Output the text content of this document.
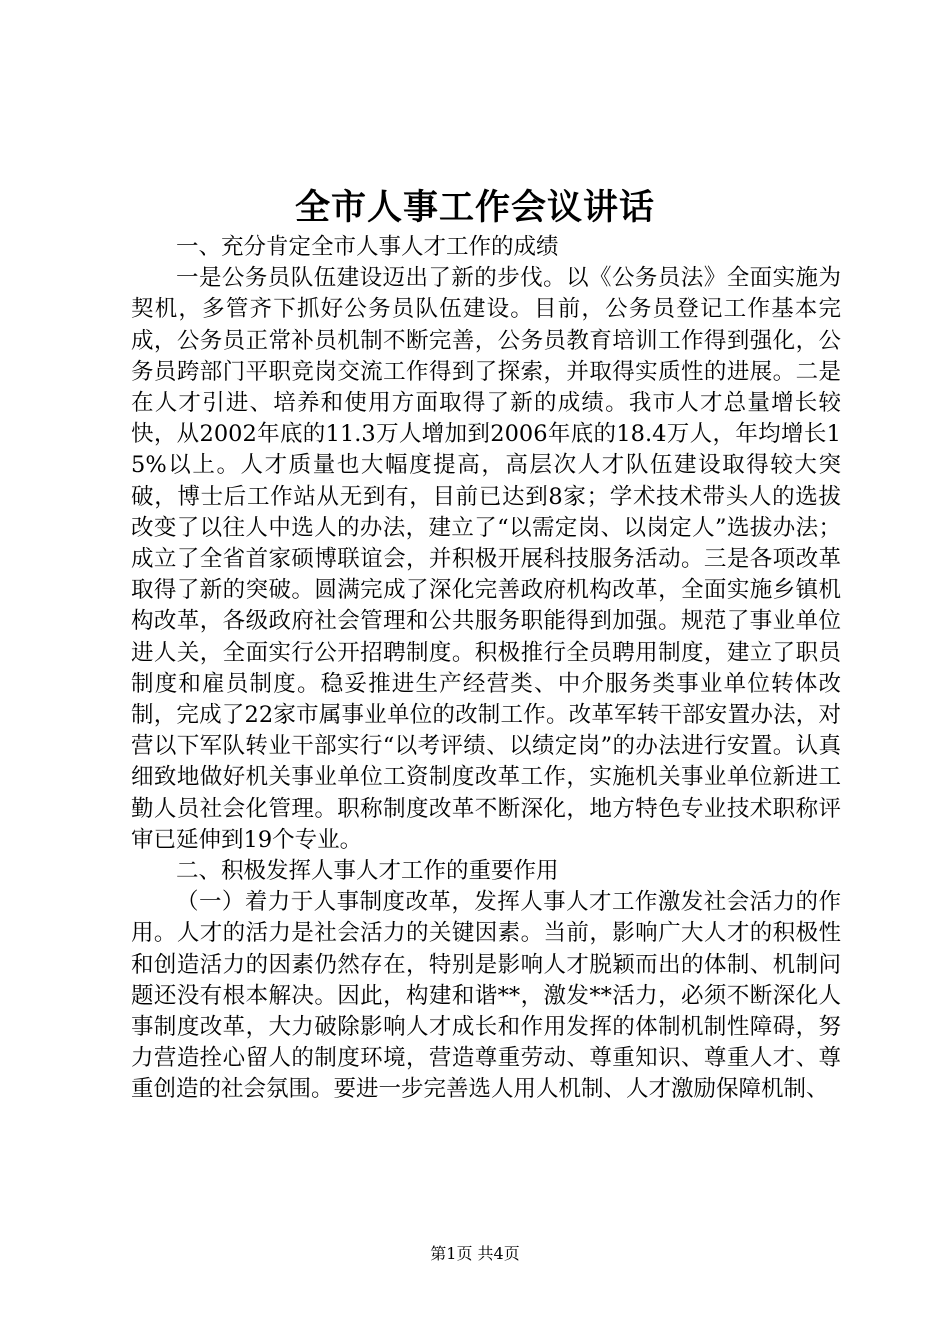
全市人事工作会议讲话

一、充分肯定全市人事人才工作的成绩

一是公务员队伍建设迈出了新的步伐。以《公务员法》全面实施为契机，多管齐下抓好公务员队伍建设。目前，公务员登记工作基本完成，公务员正常补员机制不断完善，公务员教育培训工作得到强化，公务员跨部门平职竞岗交流工作得到了探索，并取得实质性的进展。二是在人才引进、培养和使用方面取得了新的成绩。我市人才总量增长较快，从2002年底的11.3万人增加到2006年底的18.4万人，年均增长15%以上。人才质量也大幅度提高，高层次人才队伍建设取得较大突破，博士后工作站从无到有，目前已达到8家；学术技术带头人的选拔改变了以往人中选人的办法，建立了“以需定岗、以岗定人”选拔办法；成立了全省首家硕博联谊会，并积极开展科技服务活动。三是各项改革取得了新的突破。圆满完成了深化完善政府机构改革，全面实施乡镇机构改革，各级政府社会管理和公共服务职能得到加强。规范了事业单位进人关，全面实行公开招聘制度。积极推行全员聘用制度，建立了职员制度和雇员制度。稳妥推进生产经营类、中介服务类事业单位转体改制，完成了22家市属事业单位的改制工作。改革军转干部安置办法，对营以下军队转业干部实行“以考评绩、以绩定岗”的办法进行安置。认真细致地做好机关事业单位工资制度改革工作，实施机关事业单位新进工勤人员社会化管理。职称制度改革不断深化，地方特色专业技术职称评审已延伸到19个专业。

二、积极发挥人事人才工作的重要作用

（一）着力于人事制度改革，发挥人事人才工作激发社会活力的作用。人才的活力是社会活力的关键因素。当前，影响广大人才的积极性和创造活力的因素仍然存在，特别是影响人才脱颖而出的体制、机制问题还没有根本解决。因此，构建和谐**，激发**活力，必须不断深化人事制度改革，大力破除影响人才成长和作用发挥的体制机制性障碍，努力营造拴心留人的制度环境，营造尊重劳动、尊重知识、尊重人才、尊重创造的社会氛围。要进一步完善选人用人机制、人才激励保障机制、

第1页 共4页
